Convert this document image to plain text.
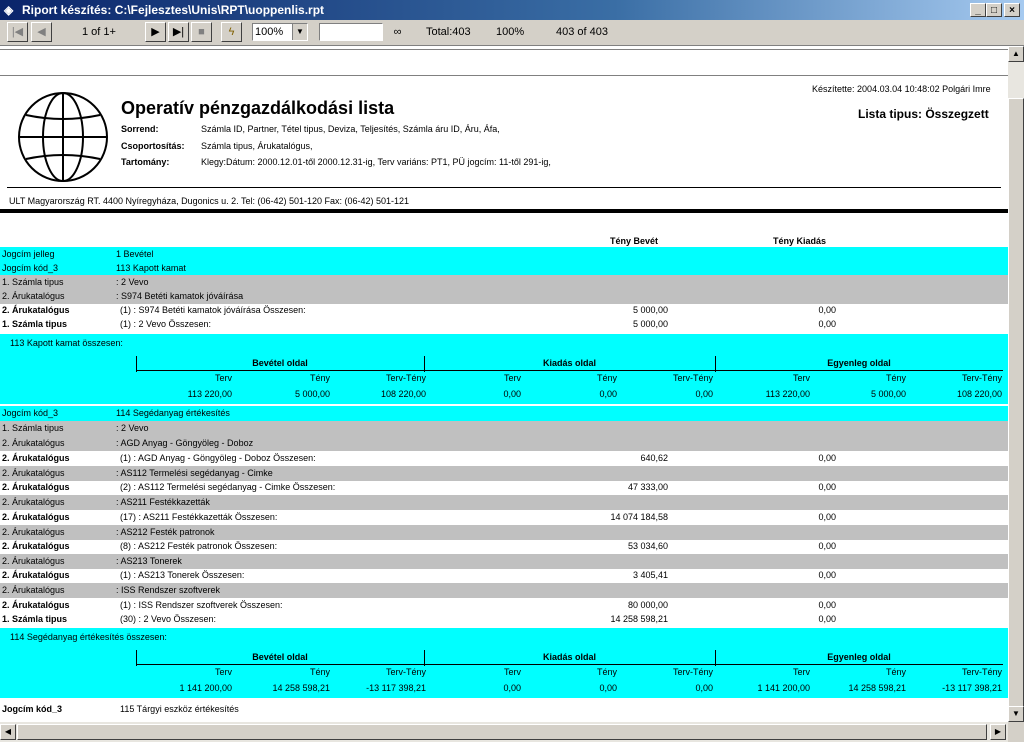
◈ Riport készítés: C:\Fejlesztes\Unis\RPT\uoppenlis.rpt	_	□	×
|◀	◀	1 of 1+	▶	▶|	■	ϟ	100%	▼	∞	Total:403 100%	403 of 403
Készítette: 2004.03.04 10:48:02 Polgári Imre
Operatív pénzgazdálkodási lista	Lista tipus: Összegzett
Sorrend:	Számla ID, Partner, Tétel tipus, Deviza, Teljesítés, Számla áru ID, Áru, Áfa,
Csoportosítás: Számla tipus, Árukatalógus,
Tartomány:	Klegy:Dátum: 2000.12.01-től 2000.12.31-ig, Terv variáns: PT1, PÜ jogcím: 11-től 291-ig,
ULT Magyarország RT. 4400 Nyíregyháza, Dugonics u. 2. Tel: (06-42) 501-120 Fax: (06-42) 501-121
Tény Bevét	Tény Kiadás
Jogcím jelleg	1 Bevétel
Jogcím kód_3	113 Kapott kamat
1. Számla tipus	: 2 Vevo
2. Árukatalógus	: S974 Betéti kamatok jóváírása
2. Árukatalógus	(1) : S974 Betéti kamatok jóváírása Összesen:	5 000,00	0,00
1. Számla tipus	(1) : 2 Vevo Összesen:	5 000,00	0,00
Jogcím kód_3	114 Segédanyag értékesítés
1. Számla tipus	: 2 Vevo
2. Árukatalógus	: AGD Anyag - Göngyöleg - Doboz
2. Árukatalógus	(1) : AGD Anyag - Göngyöleg - Doboz Összesen:	640,62	0,00
2. Árukatalógus	: AS112 Termelési segédanyag - Cimke
2. Árukatalógus	(2) : AS112 Termelési segédanyag - Cimke Összesen:	47 333,00	0,00
2. Árukatalógus	: AS211 Festékkazetták
2. Árukatalógus	(17) : AS211 Festékkazetták Összesen:	14 074 184,58	0,00
2. Árukatalógus	: AS212 Festék patronok
2. Árukatalógus	(8) : AS212 Festék patronok Összesen:	53 034,60	0,00
2. Árukatalógus	: AS213 Tonerek
2. Árukatalógus	(1) : AS213 Tonerek Összesen:	3 405,41	0,00
2. Árukatalógus	: ISS Rendszer szoftverek
2. Árukatalógus	(1) : ISS Rendszer szoftverek Összesen:	80 000,00	0,00
1. Számla tipus	(30) : 2 Vevo Összesen:	14 258 598,21	0,00
Jogcím kód_3	115 Tárgyi eszköz értékesítés
113 Kapott kamat összesen:
Bevétel oldal	Kiadás oldal	Egyenleg oldal
Terv	Tény	Terv-Tény	Terv	Tény	Terv-Tény	Terv	Tény	Terv-Tény
113 220,00	5 000,00	108 220,00	0,00	0,00	0,00	113 220,00	5 000,00	108 220,00
114 Segédanyag értékesítés összesen:
Bevétel oldal	Kiadás oldal	Egyenleg oldal
Terv	Tény	Terv-Tény	Terv	Tény	Terv-Tény	Terv	Tény	Terv-Tény
1 141 200,00	14 258 598,21	-13 117 398,21	0,00	0,00	0,00	1 141 200,00	14 258 598,21	-13 117 398,21
▲
▼
◀	▶
